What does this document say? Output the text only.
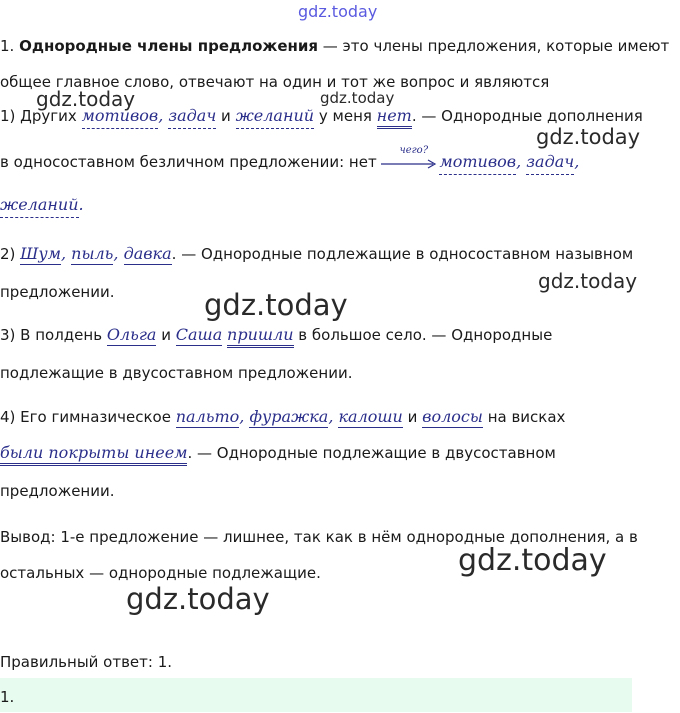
gdz.today
gdz.today	gdz.today
gdz.today
gdz.today
gdz.today
gdz.today
gdz.today
1. Однородные члены предложения — это члены предложения, которые имеют
общее главное слово, отвечают на один и тот же вопрос и являются
1) Других мотивов, задач и желаний у меня нет. — Однородные дополнения
в односоставном безличном предложении: нет
чего?
мотивов, задач,
желаний.
2) Шум, пыль, давка. — Однородные подлежащие в односоставном назывном
предложении.
3) В полдень Ольга и Саша пришли в большое село. — Однородные
подлежащие в двусоставном предложении.
4) Его гимназическое пальто, фуражка, калоши и волосы на висках
были покрыты инеем. — Однородные подлежащие в двусоставном
предложении.
Вывод: 1-е предложение — лишнее, так как в нём однородные дополнения, а в
остальных — однородные подлежащие.
Правильный ответ: 1.
1.
